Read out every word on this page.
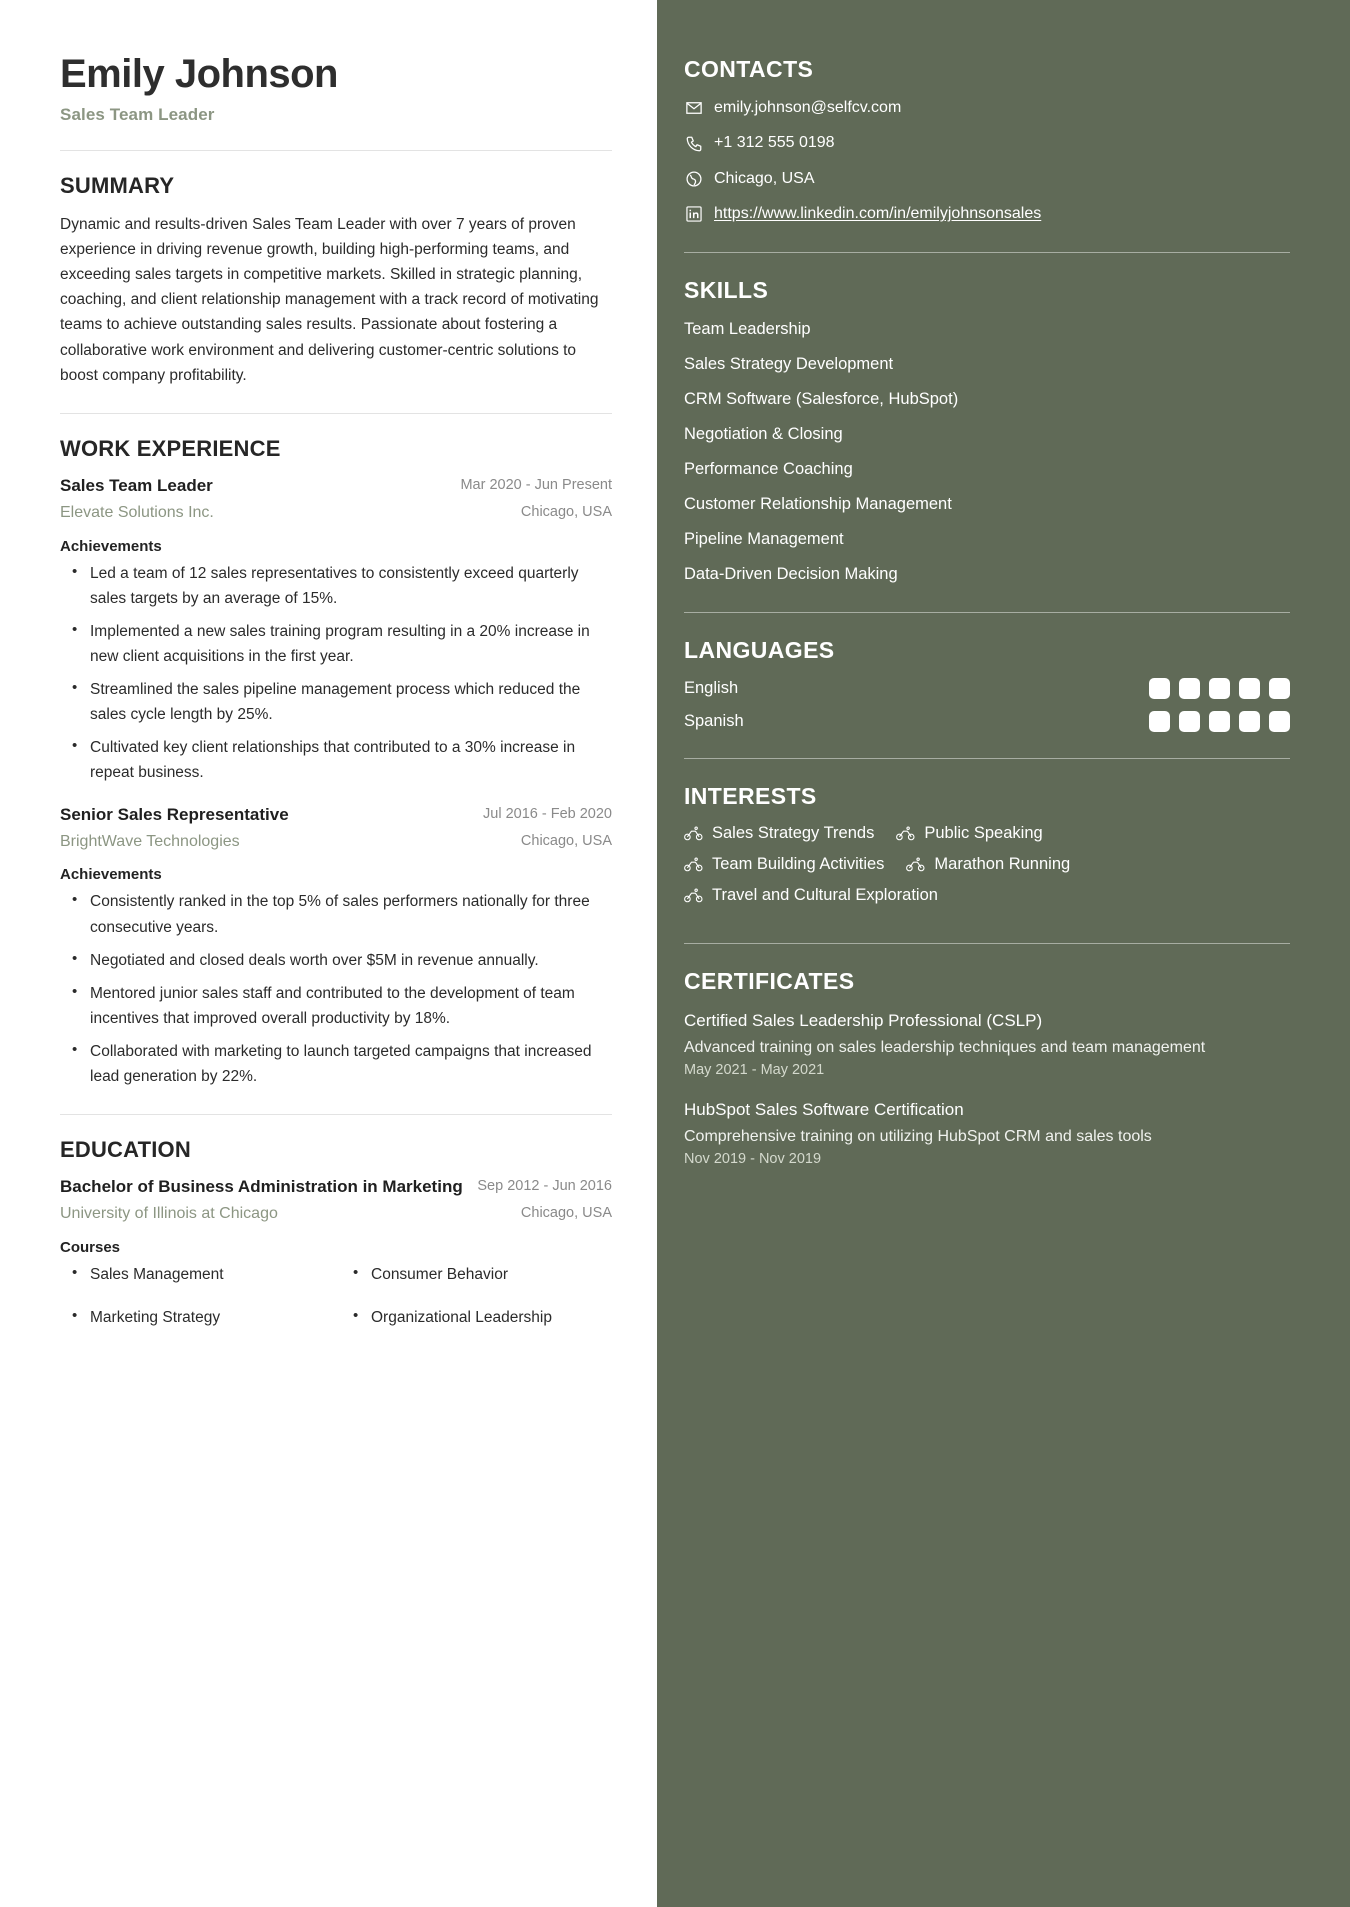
Emily Johnson
Sales Team Leader
SUMMARY
Dynamic and results-driven Sales Team Leader with over 7 years of proven experience in driving revenue growth, building high-performing teams, and exceeding sales targets in competitive markets. Skilled in strategic planning, coaching, and client relationship management with a track record of motivating teams to achieve outstanding sales results. Passionate about fostering a collaborative work environment and delivering customer-centric solutions to boost company profitability.
WORK EXPERIENCE
Sales Team Leader
Elevate Solutions Inc.
Mar 2020 - Jun Present
Chicago, USA
Achievements
• Led a team of 12 sales representatives to consistently exceed quarterly sales targets by an average of 15%.
• Implemented a new sales training program resulting in a 20% increase in new client acquisitions in the first year.
• Streamlined the sales pipeline management process which reduced the sales cycle length by 25%.
• Cultivated key client relationships that contributed to a 30% increase in repeat business.
Senior Sales Representative
BrightWave Technologies
Jul 2016 - Feb 2020
Chicago, USA
Achievements
• Consistently ranked in the top 5% of sales performers nationally for three consecutive years.
• Negotiated and closed deals worth over $5M in revenue annually.
• Mentored junior sales staff and contributed to the development of team incentives that improved overall productivity by 18%.
• Collaborated with marketing to launch targeted campaigns that increased lead generation by 22%.
EDUCATION
Bachelor of Business Administration in Marketing
University of Illinois at Chicago
Sep 2012 - Jun 2016
Chicago, USA
Courses
• Sales Management	• Consumer Behavior
• Marketing Strategy	• Organizational Leadership
CONTACTS
emily.johnson@selfcv.com
+1 312 555 0198
Chicago, USA
https://www.linkedin.com/in/emilyjohnsonsales
SKILLS
Team Leadership
Sales Strategy Development
CRM Software (Salesforce, HubSpot)
Negotiation & Closing
Performance Coaching
Customer Relationship Management
Pipeline Management
Data-Driven Decision Making
LANGUAGES
English
Spanish
INTERESTS
Sales Strategy Trends	Public Speaking
Team Building Activities	Marathon Running
Travel and Cultural Exploration
CERTIFICATES
Certified Sales Leadership Professional (CSLP)
Advanced training on sales leadership techniques and team management
May 2021 - May 2021
HubSpot Sales Software Certification
Comprehensive training on utilizing HubSpot CRM and sales tools
Nov 2019 - Nov 2019
